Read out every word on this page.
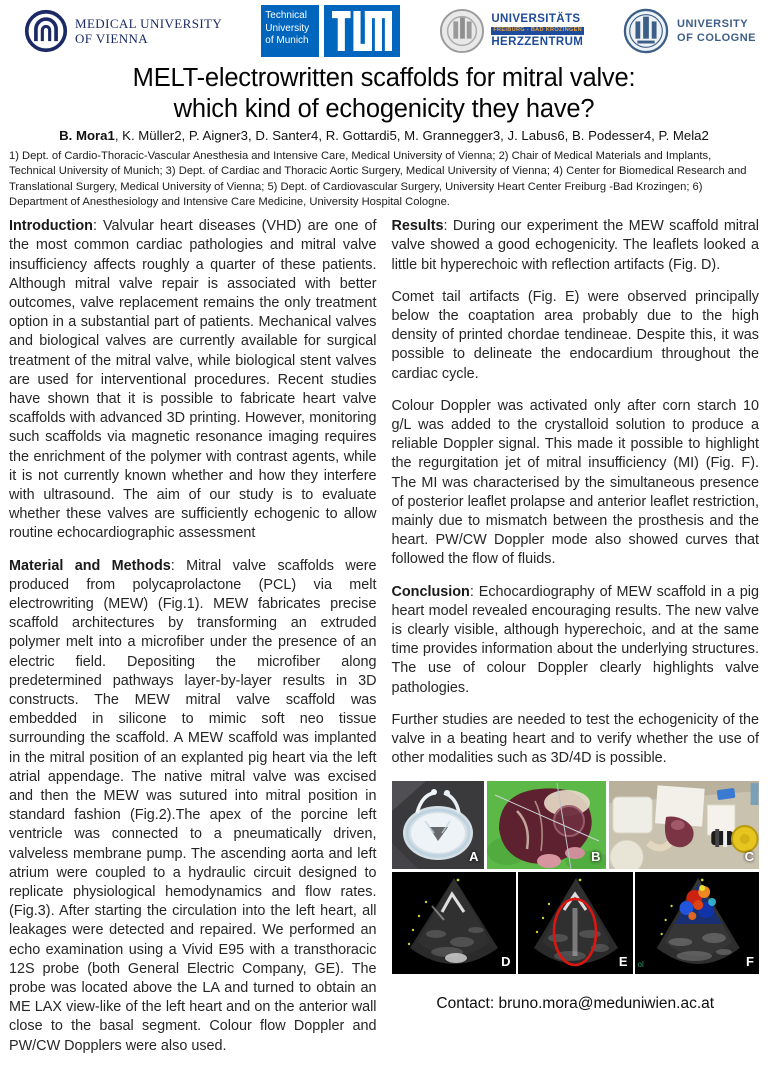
MEDICAL UNIVERSITY
OF VIENNA
Technical
University
of Munich
UNIVERSITÄTS
FREIBURG - BAD KROZINGEN
HERZZENTRUM
UNIVERSITY
OF COLOGNE
MELT-electrowritten scaffolds for mitral valve:
which kind of echogenicity they have?
B. Mora1, K. Müller2, P. Aigner3, D. Santer4, R. Gottardi5, M. Grannegger3, J. Labus6, B. Podesser4, P. Mela2
1) Dept. of Cardio-Thoracic-Vascular Anesthesia and Intensive Care, Medical University of Vienna; 2) Chair of Medical Materials and Implants, Technical University of Munich; 3) Dept. of Cardiac and Thoracic Aortic Surgery, Medical University of Vienna; 4) Center for Biomedical Research and Translational Surgery, Medical University of Vienna; 5) Dept. of Cardiovascular Surgery, University Heart Center Freiburg -Bad Krozingen; 6) Department of Anesthesiology and Intensive Care Medicine, University Hospital Cologne.

Introduction: Valvular heart diseases (VHD) are one of the most common cardiac pathologies and mitral valve insufficiency affects roughly a quarter of these patients. Although mitral valve repair is associated with better outcomes, valve replacement remains the only treatment option in a substantial part of patients. Mechanical valves and biological valves are currently available for surgical treatment of the mitral valve, while biological stent valves are used for interventional procedures. Recent studies have shown that it is possible to fabricate heart valve scaffolds with advanced 3D printing. However, monitoring such scaffolds via magnetic resonance imaging requires the enrichment of the polymer with contrast agents, while it is not currently known whether and how they interfere with ultrasound. The aim of our study is to evaluate whether these valves are sufficiently echogenic to allow routine echocardiographic assessment

Material and Methods: Mitral valve scaffolds were produced from polycaprolactone (PCL) via melt electrowriting (MEW) (Fig.1). MEW fabricates precise scaffold architectures by transforming an extruded polymer melt into a microfiber under the presence of an electric field. Depositing the microfiber along predetermined pathways layer-by-layer results in 3D constructs. The MEW mitral valve scaffold was embedded in silicone to mimic soft neo tissue surrounding the scaffold. A MEW scaffold was implanted in the mitral position of an explanted pig heart via the left atrial appendage. The native mitral valve was excised and then the MEW was sutured into mitral position in standard fashion (Fig.2).The apex of the porcine left ventricle was connected to a pneumatically driven, valveless membrane pump. The ascending aorta and left atrium were coupled to a hydraulic circuit designed to replicate physiological hemodynamics and flow rates. (Fig.3). After starting the circulation into the left heart, all leakages were detected and repaired. We performed an echo examination using a Vivid E95 with a transthoracic 12S probe (both General Electric Company, GE). The probe was located above the LA and turned to obtain an ME LAX view-like of the left heart and on the anterior wall close to the basal segment. Colour flow Doppler and PW/CW Dopplers were also used.

Results: During our experiment the MEW scaffold mitral valve showed a good echogenicity. The leaflets looked a little bit hyperechoic with reflection artifacts (Fig. D).

Comet tail artifacts (Fig. E) were observed principally below the coaptation area probably due to the high density of printed chordae tendineae. Despite this, it was possible to delineate the endocardium throughout the cardiac cycle.

Colour Doppler was activated only after corn starch 10 g/L was added to the crystalloid solution to produce a reliable Doppler signal. This made it possible to highlight the regurgitation jet of mitral insufficiency (MI) (Fig. F). The MI was characterised by the simultaneous presence of posterior leaflet prolapse and anterior leaflet restriction, mainly due to mismatch between the prosthesis and the heart. PW/CW Doppler mode also showed curves that followed the flow of fluids.

Conclusion: Echocardiography of MEW scaffold in a pig heart model revealed encouraging results. The new valve is clearly visible, although hyperechoic, and at the same time provides information about the underlying structures. The use of colour Doppler clearly highlights valve pathologies.

Further studies are needed to test the echogenicity of the valve in a beating heart and to verify whether the use of other modalities such as 3D/4D is possible.

A	B	C
D	E ol	F
Contact: bruno.mora@meduniwien.ac.at
